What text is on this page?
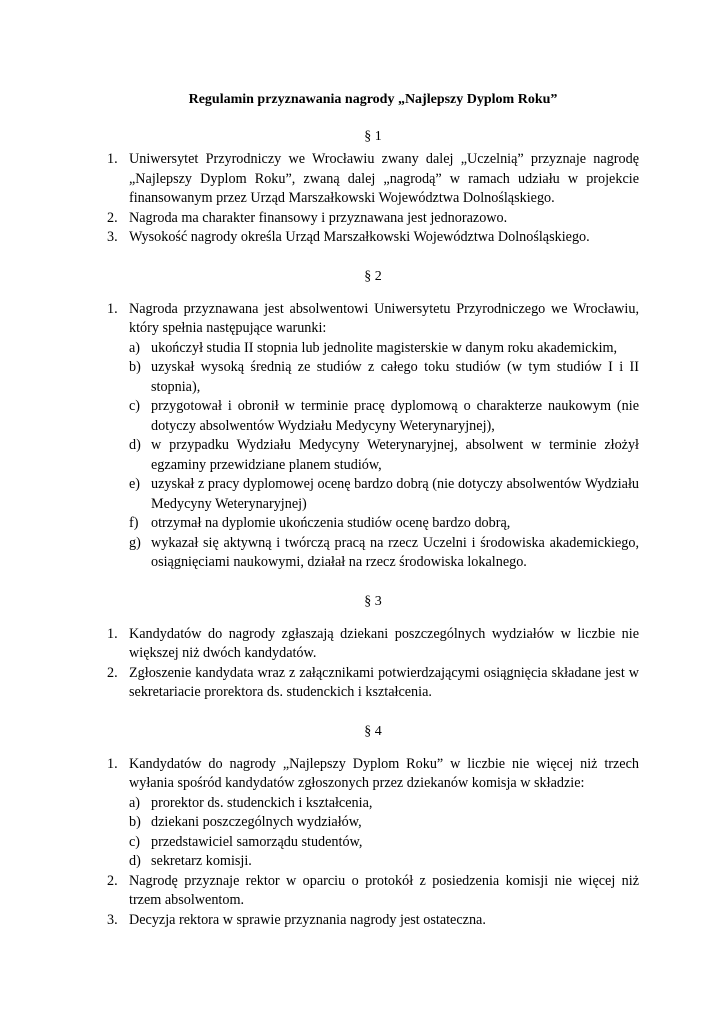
Regulamin przyznawania nagrody „Najlepszy Dyplom Roku”
§ 1
1. Uniwersytet Przyrodniczy we Wrocławiu zwany dalej „Uczelnią” przyznaje nagrodę „Najlepszy Dyplom Roku”, zwaną dalej „nagrodą” w ramach udziału w projekcie finansowanym przez Urząd Marszałkowski Województwa Dolnośląskiego.
2. Nagroda ma charakter finansowy i przyznawana jest jednorazowo.
3. Wysokość nagrody określa Urząd Marszałkowski Województwa Dolnośląskiego.
§ 2
1. Nagroda przyznawana jest absolwentowi Uniwersytetu Przyrodniczego we Wrocławiu, który spełnia następujące warunki:
a) ukończył studia II stopnia lub jednolite magisterskie w danym roku akademickim,
b) uzyskał wysoką średnią ze studiów z całego toku studiów (w tym studiów I i II stopnia),
c) przygotował i obronił w terminie pracę dyplomową o charakterze naukowym (nie dotyczy absolwentów Wydziału Medycyny Weterynaryjnej),
d) w przypadku Wydziału Medycyny Weterynaryjnej, absolwent w terminie złożył egzaminy przewidziane planem studiów,
e) uzyskał z pracy dyplomowej ocenę bardzo dobrą (nie dotyczy absolwentów Wydziału Medycyny Weterynaryjnej)
f) otrzymał na dyplomie ukończenia studiów ocenę bardzo dobrą,
g) wykazał się aktywną i twórczą pracą na rzecz Uczelni i środowiska akademickiego, osiągnięciami naukowymi, działał na rzecz środowiska lokalnego.
§ 3
1. Kandydatów do nagrody zgłaszają dziekani poszczególnych wydziałów w liczbie nie większej niż dwóch kandydatów.
2. Zgłoszenie kandydata wraz z załącznikami potwierdzającymi osiągnięcia składane jest w sekretariacie prorektora ds. studenckich i kształcenia.
§ 4
1. Kandydatów do nagrody „Najlepszy Dyplom Roku” w liczbie nie więcej niż trzech wyłania spośród kandydatów zgłoszonych przez dziekanów komisja w składzie:
a) prorektor ds. studenckich i kształcenia,
b) dziekani poszczególnych wydziałów,
c) przedstawiciel samorządu studentów,
d) sekretarz komisji.
2. Nagrodę przyznaje rektor w oparciu o protokół z posiedzenia komisji nie więcej niż trzem absolwentom.
3. Decyzja rektora w sprawie przyznania nagrody jest ostateczna.
